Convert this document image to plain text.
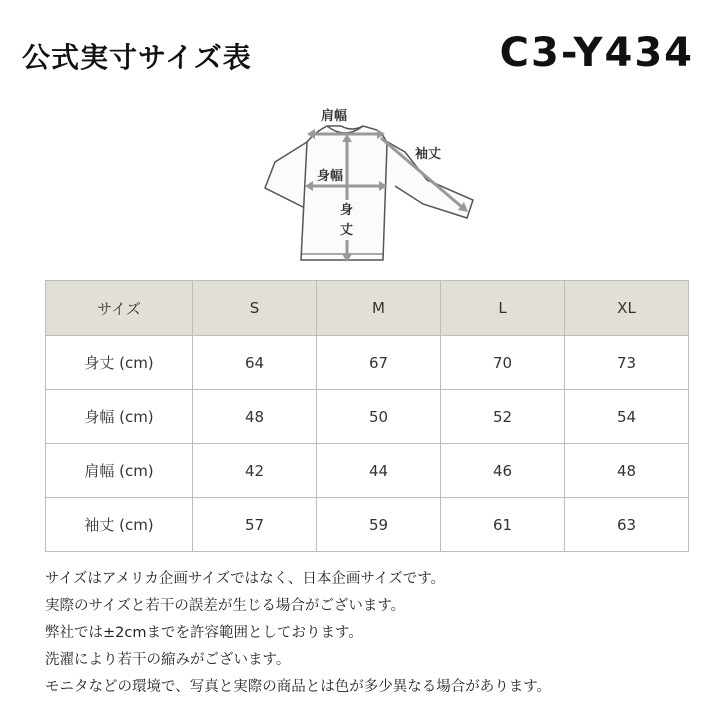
公式実寸サイズ表	C3-Y434
肩幅
袖丈
身幅
身
丈
サイズ	S	M	L	XL
身丈 (cm)	64	67	70	73
身幅 (cm)	48	50	52	54
肩幅 (cm)	42	44	46	48
袖丈 (cm)	57	59	61	63
サイズはアメリカ企画サイズではなく、日本企画サイズです。
実際のサイズと若干の誤差が生じる場合がございます。
弊社では±2cmまでを許容範囲としております。
洗濯により若干の縮みがございます。
モニタなどの環境で、写真と実際の商品とは色が多少異なる場合があります。
